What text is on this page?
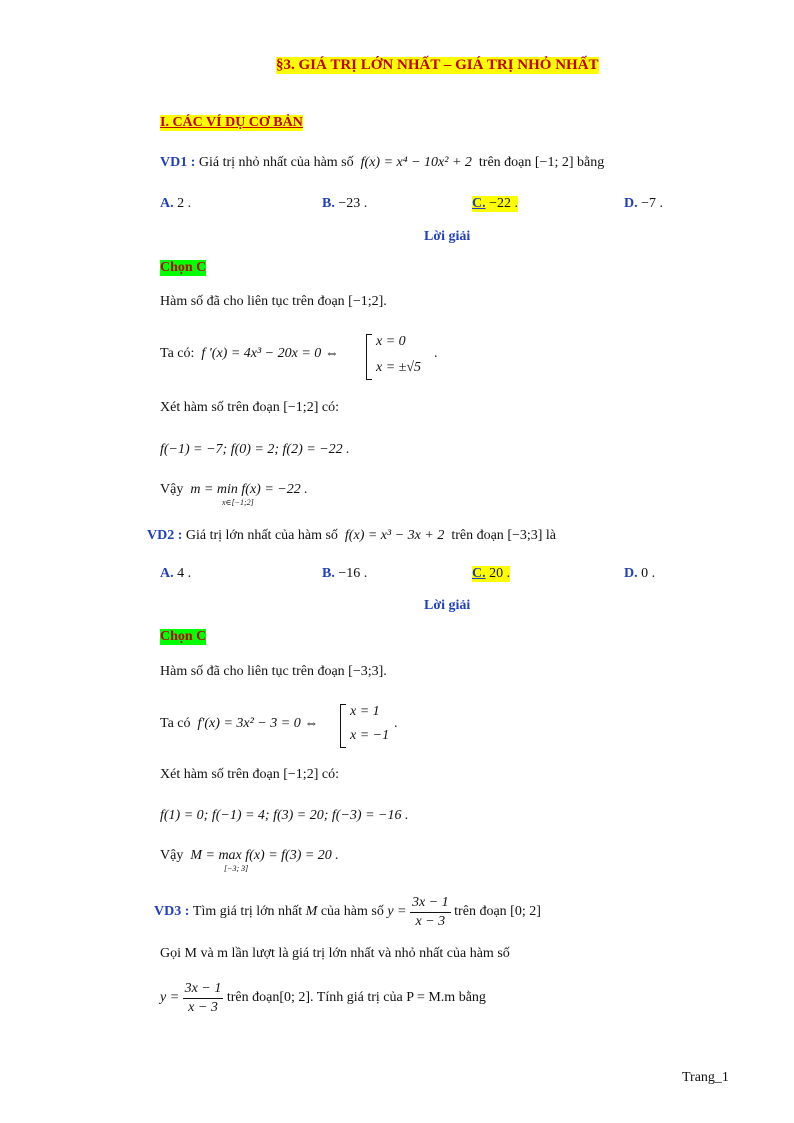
§3. GIÁ TRỊ LỚN NHẤT – GIÁ TRỊ NHỎ NHẤT
I. CÁC VÍ DỤ CƠ BẢN
VD1 : Giá trị nhỏ nhất của hàm số f(x) = x⁴ − 10x² + 2 trên đoạn [−1; 2] bằng
A. 2 .	B. −23 .	C. −22 .	D. −7 .
Lời giải
Chọn C
Hàm số đã cho liên tục trên đoạn [−1;2].
Ta có: f '(x) = 4x³ − 20x = 0 ⇔
x = 0
x = ±√5
.
Xét hàm số trên đoạn [−1;2] có:
f(−1) = −7; f(0) = 2; f(2) = −22 .
Vậy m = min f(x) = −22 .
x∈[−1;2]
VD2 : Giá trị lớn nhất của hàm số f(x) = x³ − 3x + 2 trên đoạn [−3;3] là
A. 4 .	B. −16 .	C. 20 .	D. 0 .
Lời giải
Chọn C
Hàm số đã cho liên tục trên đoạn [−3;3].
Ta có f'(x) = 3x² − 3 = 0 ⇔
x = 1
x = −1
.
Xét hàm số trên đoạn [−1;2] có:
f(1) = 0; f(−1) = 4; f(3) = 20; f(−3) = −16 .
Vậy M = max f(x) = f(3) = 20 .
[−3; 3]
VD3 :
Tìm giá trị lớn nhất
M
của hàm số
y =
$\frac{3x - 1}{x - 3}$
trên đoạn
[0; 2]
Gọi M và m lần lượt là giá trị lớn nhất và nhỏ nhất của hàm số
y =
$\frac{3x - 1}{x - 3}$
trên đoạn[0; 2]. Tính giá trị của P = M.m bằng
Trang_1
